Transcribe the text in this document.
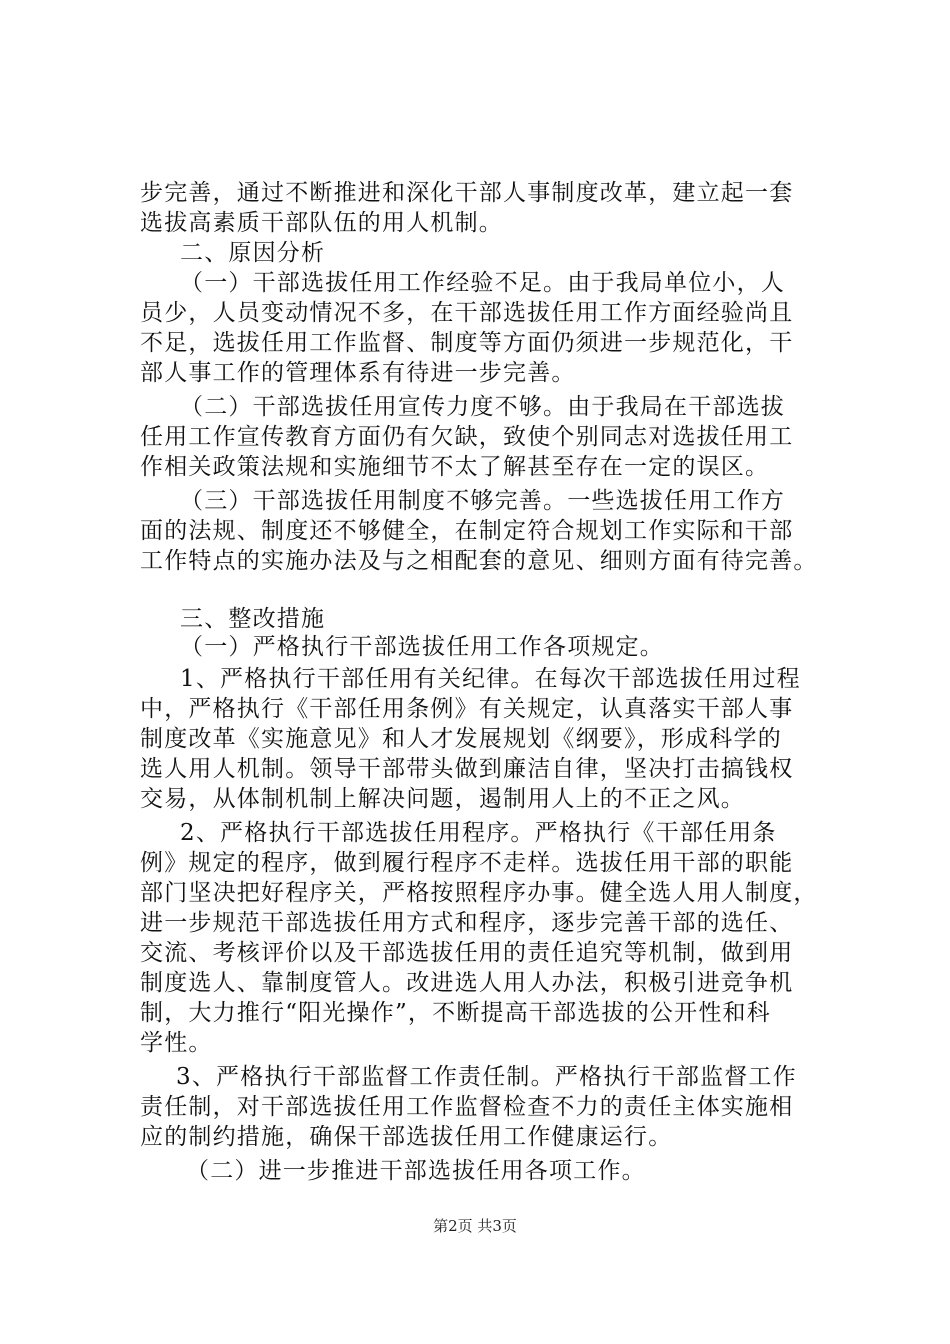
步完善，通过不断推进和深化干部人事制度改革，建立起一套
选拔高素质干部队伍的用人机制。
二、原因分析
（一）干部选拔任用工作经验不足。由于我局单位小，人
员少，人员变动情况不多，在干部选拔任用工作方面经验尚且
不足，选拔任用工作监督、制度等方面仍须进一步规范化，干
部人事工作的管理体系有待进一步完善。
（二）干部选拔任用宣传力度不够。由于我局在干部选拔
任用工作宣传教育方面仍有欠缺，致使个别同志对选拔任用工
作相关政策法规和实施细节不太了解甚至存在一定的误区。
（三）干部选拔任用制度不够完善。一些选拔任用工作方
面的法规、制度还不够健全，在制定符合规划工作实际和干部
工作特点的实施办法及与之相配套的意见、细则方面有待完善。
三、整改措施
（一）严格执行干部选拔任用工作各项规定。
1、严格执行干部任用有关纪律。在每次干部选拔任用过程
中，严格执行《干部任用条例》有关规定，认真落实干部人事
制度改革《实施意见》和人才发展规划《纲要》，形成科学的
选人用人机制。领导干部带头做到廉洁自律，坚决打击搞钱权
交易，从体制机制上解决问题，遏制用人上的不正之风。
2、严格执行干部选拔任用程序。严格执行《干部任用条
例》规定的程序，做到履行程序不走样。选拔任用干部的职能
部门坚决把好程序关，严格按照程序办事。健全选人用人制度，
进一步规范干部选拔任用方式和程序，逐步完善干部的选任、
交流、考核评价以及干部选拔任用的责任追究等机制，做到用
制度选人、靠制度管人。改进选人用人办法，积极引进竞争机
制，大力推行“阳光操作”，不断提高干部选拔的公开性和科
学性。
3、严格执行干部监督工作责任制。严格执行干部监督工作
责任制，对干部选拔任用工作监督检查不力的责任主体实施相
应的制约措施，确保干部选拔任用工作健康运行。
（二）进一步推进干部选拔任用各项工作。
第2页 共3页
